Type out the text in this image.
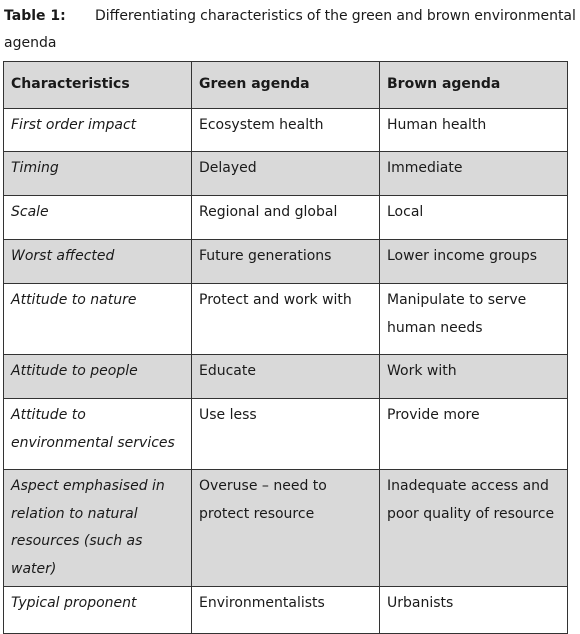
Table 1:	Differentiating characteristics of the green and brown environmental
agenda
Characteristics	Green agenda	Brown agenda
First order impact	Ecosystem health	Human health
Timing	Delayed	Immediate
Scale	Regional and global	Local
Worst affected	Future generations	Lower income groups
Attitude to nature	Protect and work with	Manipulate to serve human needs
Attitude to people	Educate	Work with
Attitude to environmental services	Use less	Provide more
Aspect emphasised in relation to natural resources (such as water)	Overuse – need to protect resource	Inadequate access and poor quality of resource
Typical proponent	Environmentalists	Urbanists
